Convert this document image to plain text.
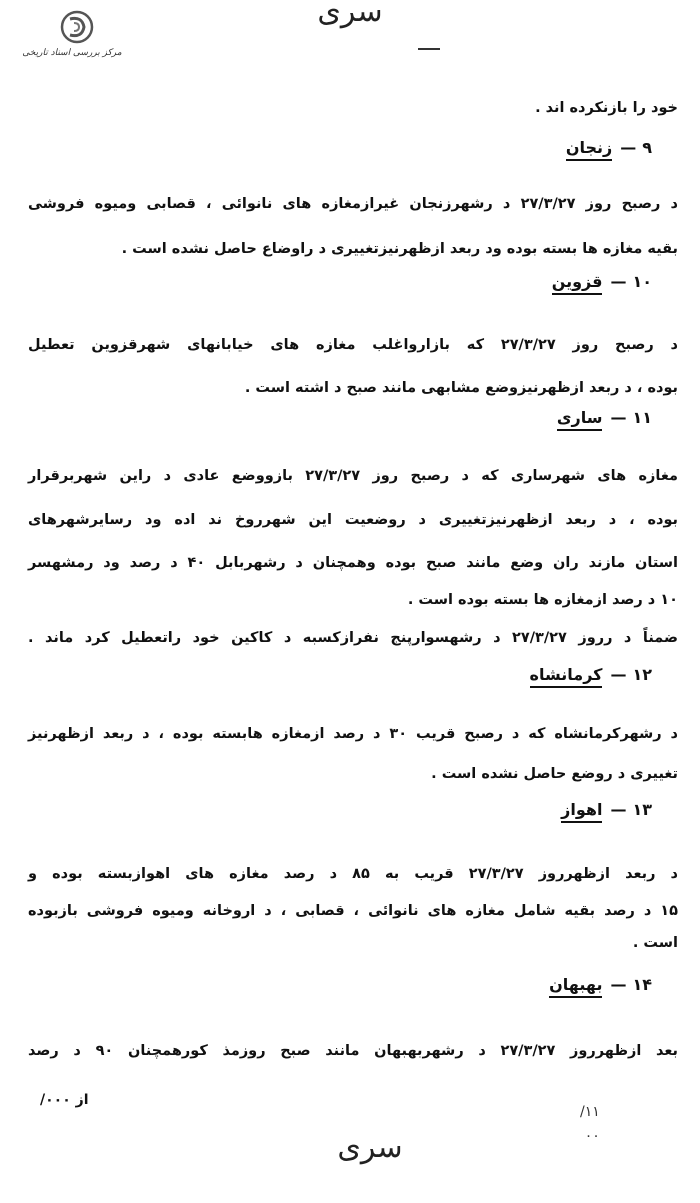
مرکز بررسی اسناد تاریخی
سری
خود را بازنکرده اند .
۹—زنجان
د رصبح روز ۲۷/۳/۲۷ د رشهرزنجان غیرازمغازه های نانوائی ، قصابی ومیوه فروشی
بقیه مغازه ها بسته بوده ود ربعد ازظهرنیزتغییری د راوضاع حاصل نشده است .
۱۰—قزوین
د رصبح روز ۲۷/۳/۲۷ که بازارواغلب مغازه های خیابانهای شهرقزوین تعطیل
بوده ، د ربعد ازظهرنیزوضع مشابهی مانند صبح د اشته است .
۱۱—ساری
مغازه های شهرساری که د رصبح روز ۲۷/۳/۲۷ بازووضع عادی د راین شهربرقرار
بوده ، د ربعد ازظهرنیزتغییری د روضعیت این شهرروخ ند اده ود رسایرشهرهای
استان مازند ران وضع مانند صبح بوده وهمچنان د رشهربابل ۴۰ د رصد ود رمشهسر
۱۰ د رصد ازمغازه ها بسته بوده است .
ضمناً د رروز ۲۷/۳/۲۷ د رشهسوارپنج نفرازکسبه د کاکین خود راتعطیل کرد ماند .
۱۲—کرمانشاه
د رشهرکرمانشاه که د رصبح قریب ۳۰ د رصد ازمغازه هابسته بوده ، د ربعد ازظهرنیز
تغییری د روضع حاصل نشده است .
۱۳—اهواز
د ربعد ازظهرروز ۲۷/۳/۲۷ قریب به ۸۵ د رصد مغازه های اهوازبسته بوده و
۱۵ د رصد بقیه شامل مغازه های نانوائی ، قصابی ، د اروخانه ومیوه فروشی بازبوده
است .
۱۴—بهبهان
بعد ازظهرروز ۲۷/۳/۲۷ د رشهربهبهان مانند صبح روزمذ کورهمچنان ۹۰ د رصد
از ۰۰۰/
۱۱/
۰۰
سری
